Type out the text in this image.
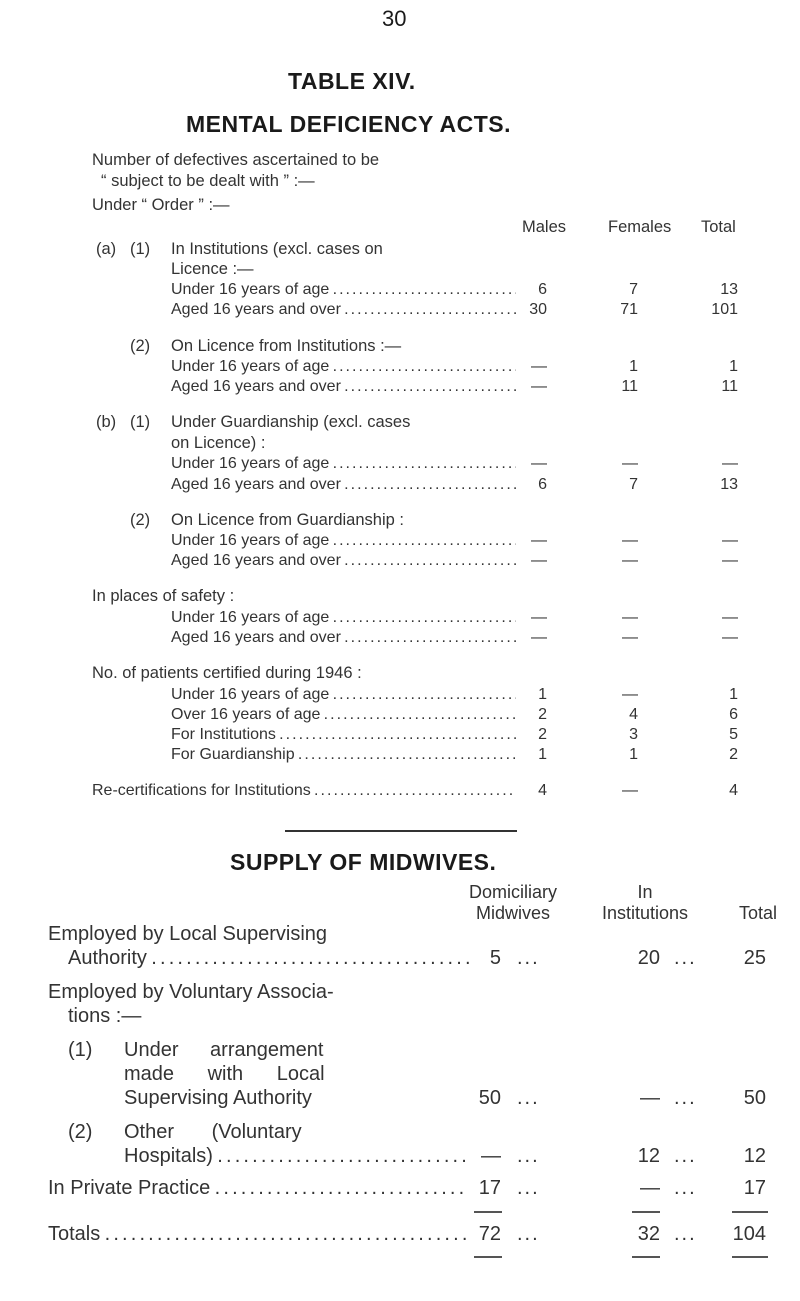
30
TABLE XIV.
MENTAL DEFICIENCY ACTS.
Number of defectives ascertained to be
“ subject to be dealt with ” :—
Under “ Order ” :—
Males	Females Total
(a) (1) In Institutions (excl. cases on
Licence :—
Under 16 years of age . . .	6	7	13
Aged 16 years and over . . .	30	71	101
(2) On Licence from Institutions :—
Under 16 years of age . . .	—	1	1
Aged 16 years and over . . .	—	11	11
(b) (1) Under Guardianship (excl. cases
on Licence) :
Under 16 years of age . . .	—	—	—
Aged 16 years and over . . .	6	7	13
(2) On Licence from Guardianship :
Under 16 years of age . . .	—	—	—
Aged 16 years and over . . .	—	—	—
In places of safety :
Under 16 years of age . . .	—	—	—
Aged 16 years and over . . .	—	—	—
No. of patients certified during 1946 :
Under 16 years of age . . .	1	—	1
Over 16 years of age . . .	2	4	6
For Institutions . . .	2	3	5
For Guardianship . . .	1	1	2
Re-certifications for Institutions . . .	4	—	4
SUPPLY OF MIDWIVES.
Domiciliary
Midwives
In
Institutions	Total
Employed by Local Supervising
Authority . . .	5 ...	20 ...	25
Employed by Voluntary Associa-
tions :—
(1) Under arrangement
made with Local
Supervising Authority	50 ...	— ...	50
(2) Other (Voluntary
Hospitals) . . .	— ...	12 ...	12
In Private Practice . . .	17 ...	— ...	17
Totals . . .	72 ...	32 ...	104
